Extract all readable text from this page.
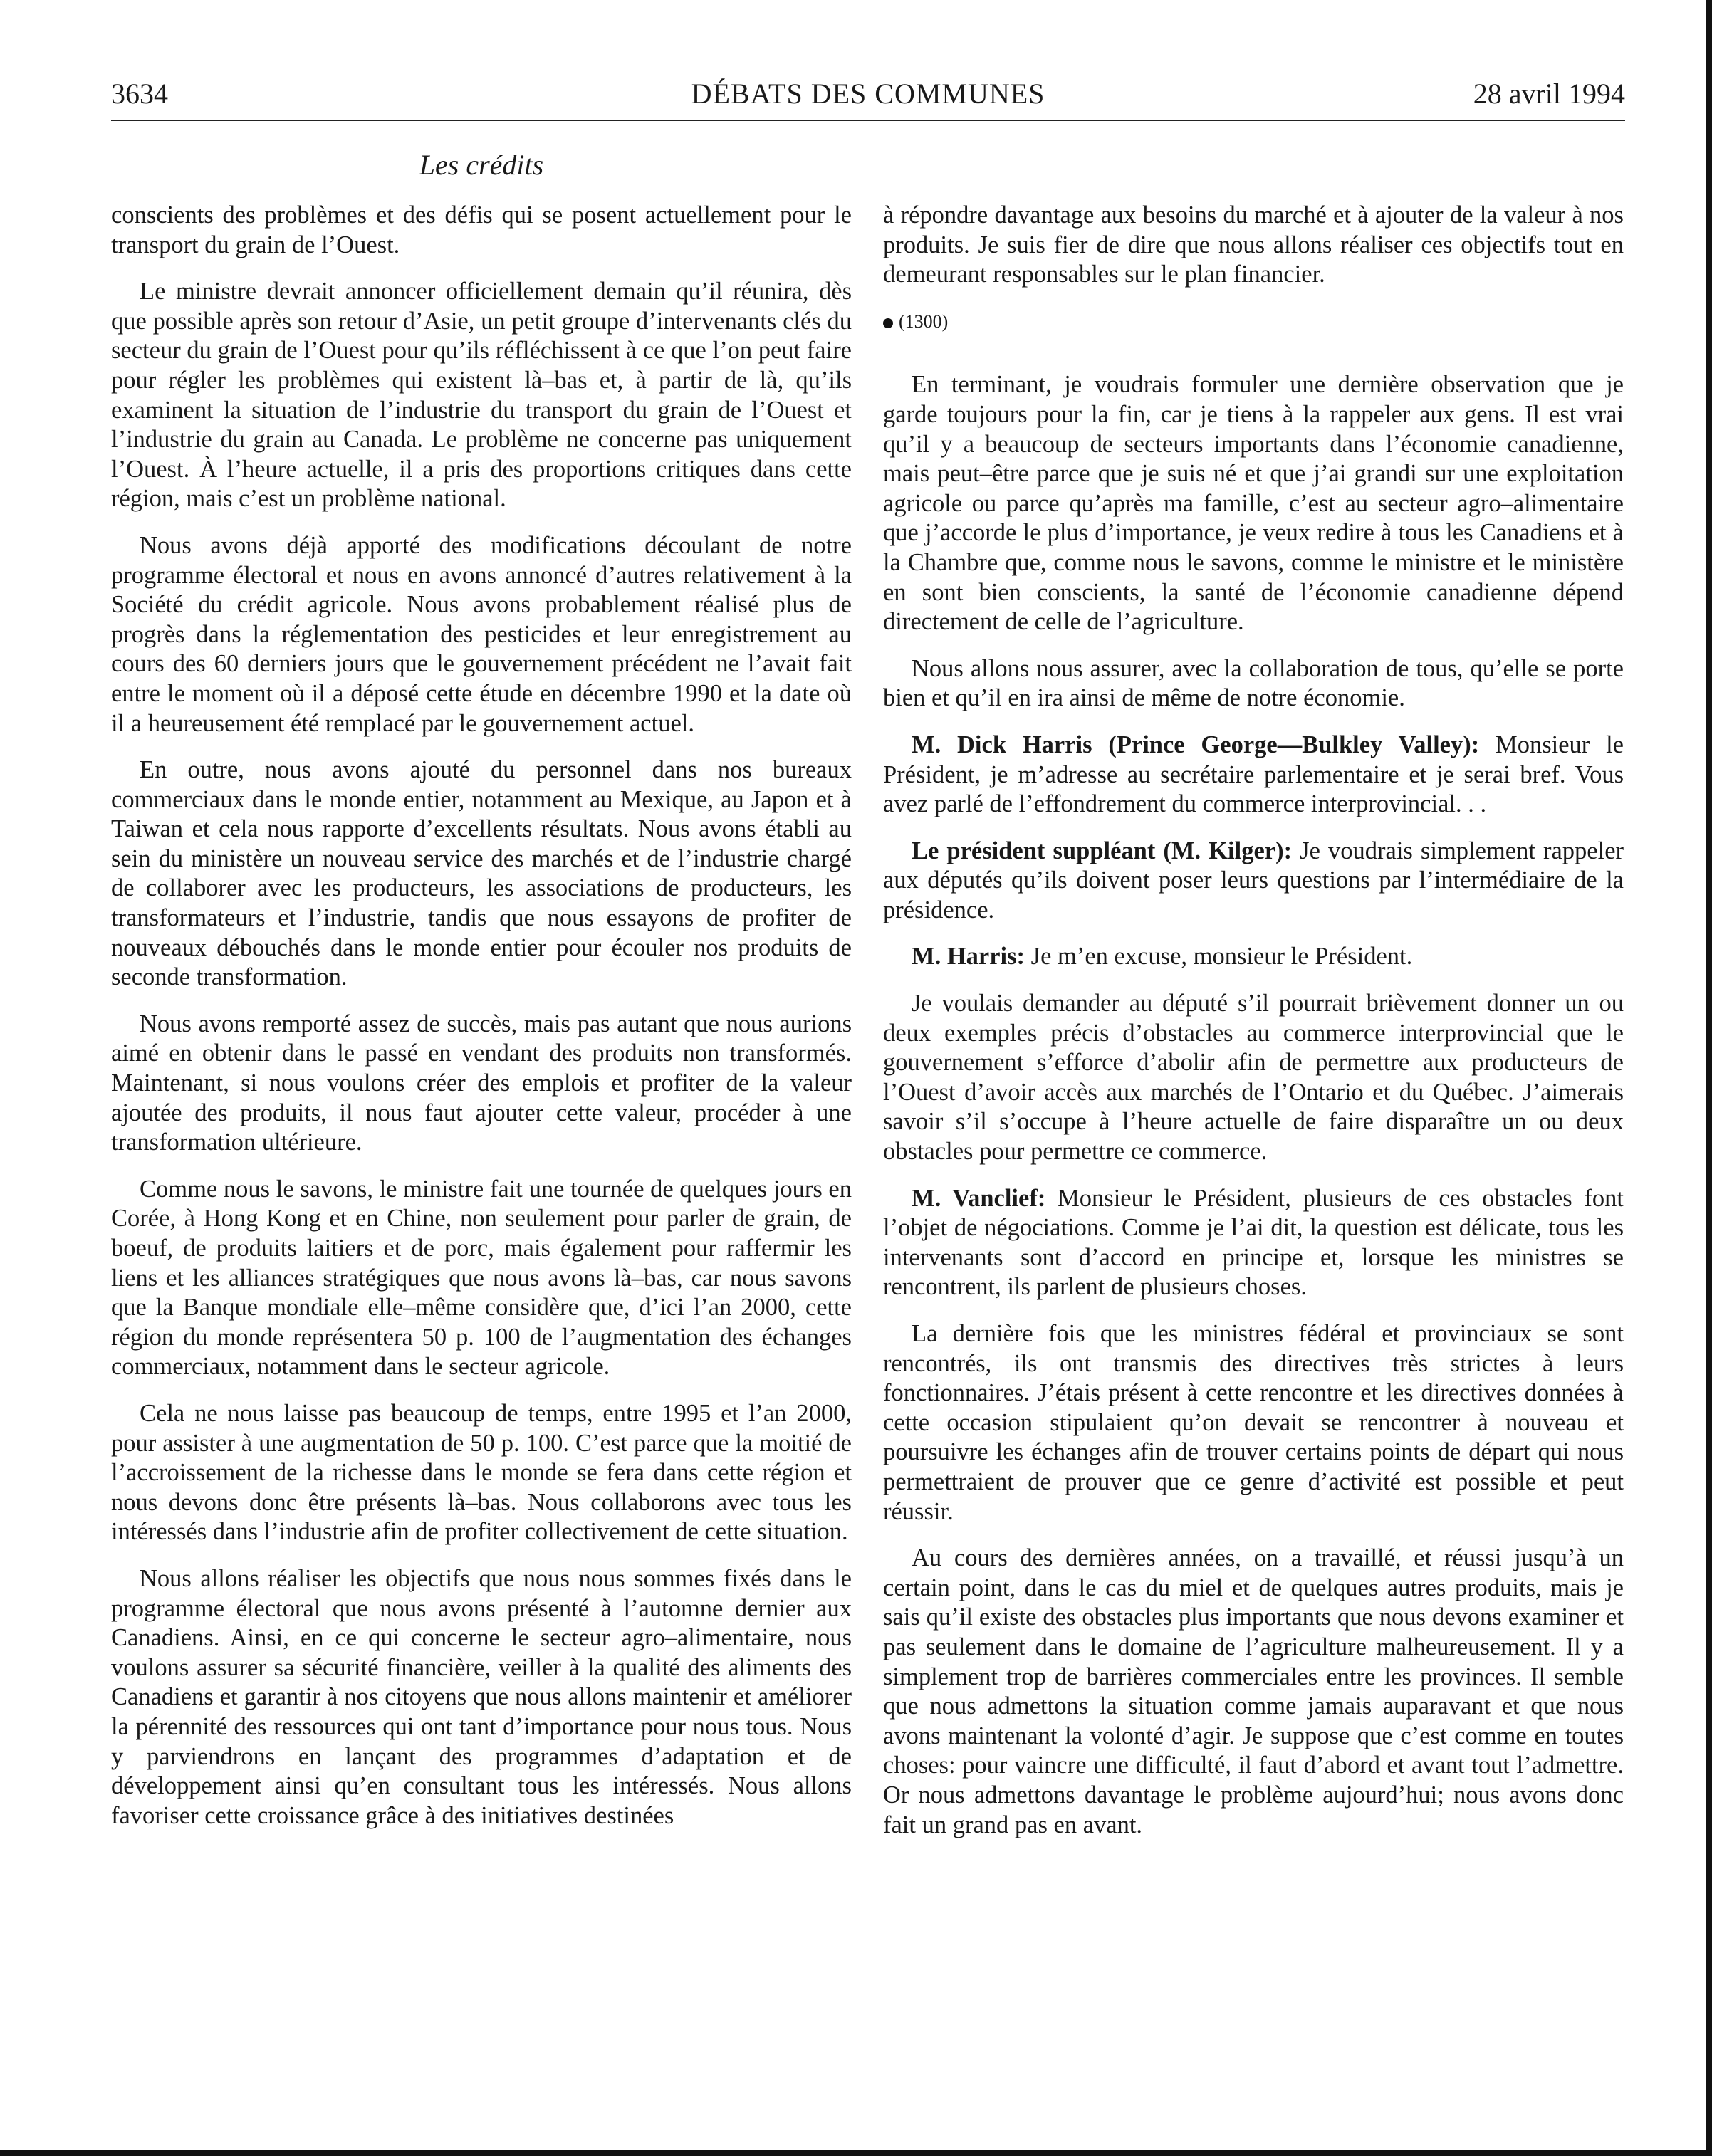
3634	DÉBATS DES COMMUNES	28 avril 1994
Les crédits

conscients des problèmes et des défis qui se posent actuellement pour le transport du grain de l’Ouest.

Le ministre devrait annoncer officiellement demain qu’il réunira, dès que possible après son retour d’Asie, un petit groupe d’intervenants clés du secteur du grain de l’Ouest pour qu’ils réfléchissent à ce que l’on peut faire pour régler les problèmes qui existent là–bas et, à partir de là, qu’ils examinent la situation de l’industrie du transport du grain de l’Ouest et l’industrie du grain au Canada. Le problème ne concerne pas uniquement l’Ouest. À l’heure actuelle, il a pris des proportions critiques dans cette région, mais c’est un problème national.

Nous avons déjà apporté des modifications découlant de notre programme électoral et nous en avons annoncé d’autres relativement à la Société du crédit agricole. Nous avons probablement réalisé plus de progrès dans la réglementation des pesticides et leur enregistrement au cours des 60 derniers jours que le gouvernement précédent ne l’avait fait entre le moment où il a déposé cette étude en décembre 1990 et la date où il a heureusement été remplacé par le gouvernement actuel.

En outre, nous avons ajouté du personnel dans nos bureaux commerciaux dans le monde entier, notamment au Mexique, au Japon et à Taiwan et cela nous rapporte d’excellents résultats. Nous avons établi au sein du ministère un nouveau service des marchés et de l’industrie chargé de collaborer avec les producteurs, les associations de producteurs, les transformateurs et l’industrie, tandis que nous essayons de profiter de nouveaux débouchés dans le monde entier pour écouler nos produits de seconde transformation.

Nous avons remporté assez de succès, mais pas autant que nous aurions aimé en obtenir dans le passé en vendant des produits non transformés. Maintenant, si nous voulons créer des emplois et profiter de la valeur ajoutée des produits, il nous faut ajouter cette valeur, procéder à une transformation ultérieure.

Comme nous le savons, le ministre fait une tournée de quelques jours en Corée, à Hong Kong et en Chine, non seulement pour parler de grain, de boeuf, de produits laitiers et de porc, mais également pour raffermir les liens et les alliances stratégiques que nous avons là–bas, car nous savons que la Banque mondiale elle–même considère que, d’ici l’an 2000, cette région du monde représentera 50 p. 100 de l’augmentation des échanges commerciaux, notamment dans le secteur agricole.

Cela ne nous laisse pas beaucoup de temps, entre 1995 et l’an 2000, pour assister à une augmentation de 50 p. 100. C’est parce que la moitié de l’accroissement de la richesse dans le monde se fera dans cette région et nous devons donc être présents là–bas. Nous collaborons avec tous les intéressés dans l’industrie afin de profiter collectivement de cette situation.

Nous allons réaliser les objectifs que nous nous sommes fixés dans le programme électoral que nous avons présenté à l’automne dernier aux Canadiens. Ainsi, en ce qui concerne le secteur agro–alimentaire, nous voulons assurer sa sécurité financière, veiller à la qualité des aliments des Canadiens et garantir à nos citoyens que nous allons maintenir et améliorer la pérennité des ressources qui ont tant d’importance pour nous tous. Nous y parviendrons en lançant des programmes d’adaptation et de développement ainsi qu’en consultant tous les intéressés. Nous allons favoriser cette croissance grâce à des initiatives destinées

à répondre davantage aux besoins du marché et à ajouter de la valeur à nos produits. Je suis fier de dire que nous allons réaliser ces objectifs tout en demeurant responsables sur le plan financier.

(1300)

En terminant, je voudrais formuler une dernière observation que je garde toujours pour la fin, car je tiens à la rappeler aux gens. Il est vrai qu’il y a beaucoup de secteurs importants dans l’économie canadienne, mais peut–être parce que je suis né et que j’ai grandi sur une exploitation agricole ou parce qu’après ma famille, c’est au secteur agro–alimentaire que j’accorde le plus d’importance, je veux redire à tous les Canadiens et à la Chambre que, comme nous le savons, comme le ministre et le ministère en sont bien conscients, la santé de l’économie canadienne dépend directement de celle de l’agriculture.

Nous allons nous assurer, avec la collaboration de tous, qu’elle se porte bien et qu’il en ira ainsi de même de notre économie.

M. Dick Harris (Prince George—Bulkley Valley): Monsieur le Président, je m’adresse au secrétaire parlementaire et je serai bref. Vous avez parlé de l’effondrement du commerce interprovincial. . .

Le président suppléant (M. Kilger): Je voudrais simplement rappeler aux députés qu’ils doivent poser leurs questions par l’intermédiaire de la présidence.

M. Harris: Je m’en excuse, monsieur le Président.

Je voulais demander au député s’il pourrait brièvement donner un ou deux exemples précis d’obstacles au commerce interprovincial que le gouvernement s’efforce d’abolir afin de permettre aux producteurs de l’Ouest d’avoir accès aux marchés de l’Ontario et du Québec. J’aimerais savoir s’il s’occupe à l’heure actuelle de faire disparaître un ou deux obstacles pour permettre ce commerce.

M. Vanclief: Monsieur le Président, plusieurs de ces obstacles font l’objet de négociations. Comme je l’ai dit, la question est délicate, tous les intervenants sont d’accord en principe et, lorsque les ministres se rencontrent, ils parlent de plusieurs choses.

La dernière fois que les ministres fédéral et provinciaux se sont rencontrés, ils ont transmis des directives très strictes à leurs fonctionnaires. J’étais présent à cette rencontre et les directives données à cette occasion stipulaient qu’on devait se rencontrer à nouveau et poursuivre les échanges afin de trouver certains points de départ qui nous permettraient de prouver que ce genre d’activité est possible et peut réussir.

Au cours des dernières années, on a travaillé, et réussi jusqu’à un certain point, dans le cas du miel et de quelques autres produits, mais je sais qu’il existe des obstacles plus importants que nous devons examiner et pas seulement dans le domaine de l’agriculture malheureusement. Il y a simplement trop de barrières commerciales entre les provinces. Il semble que nous admettons la situation comme jamais auparavant et que nous avons maintenant la volonté d’agir. Je suppose que c’est comme en toutes choses: pour vaincre une difficulté, il faut d’abord et avant tout l’admettre. Or nous admettons davantage le problème aujourd’hui; nous avons donc fait un grand pas en avant.
